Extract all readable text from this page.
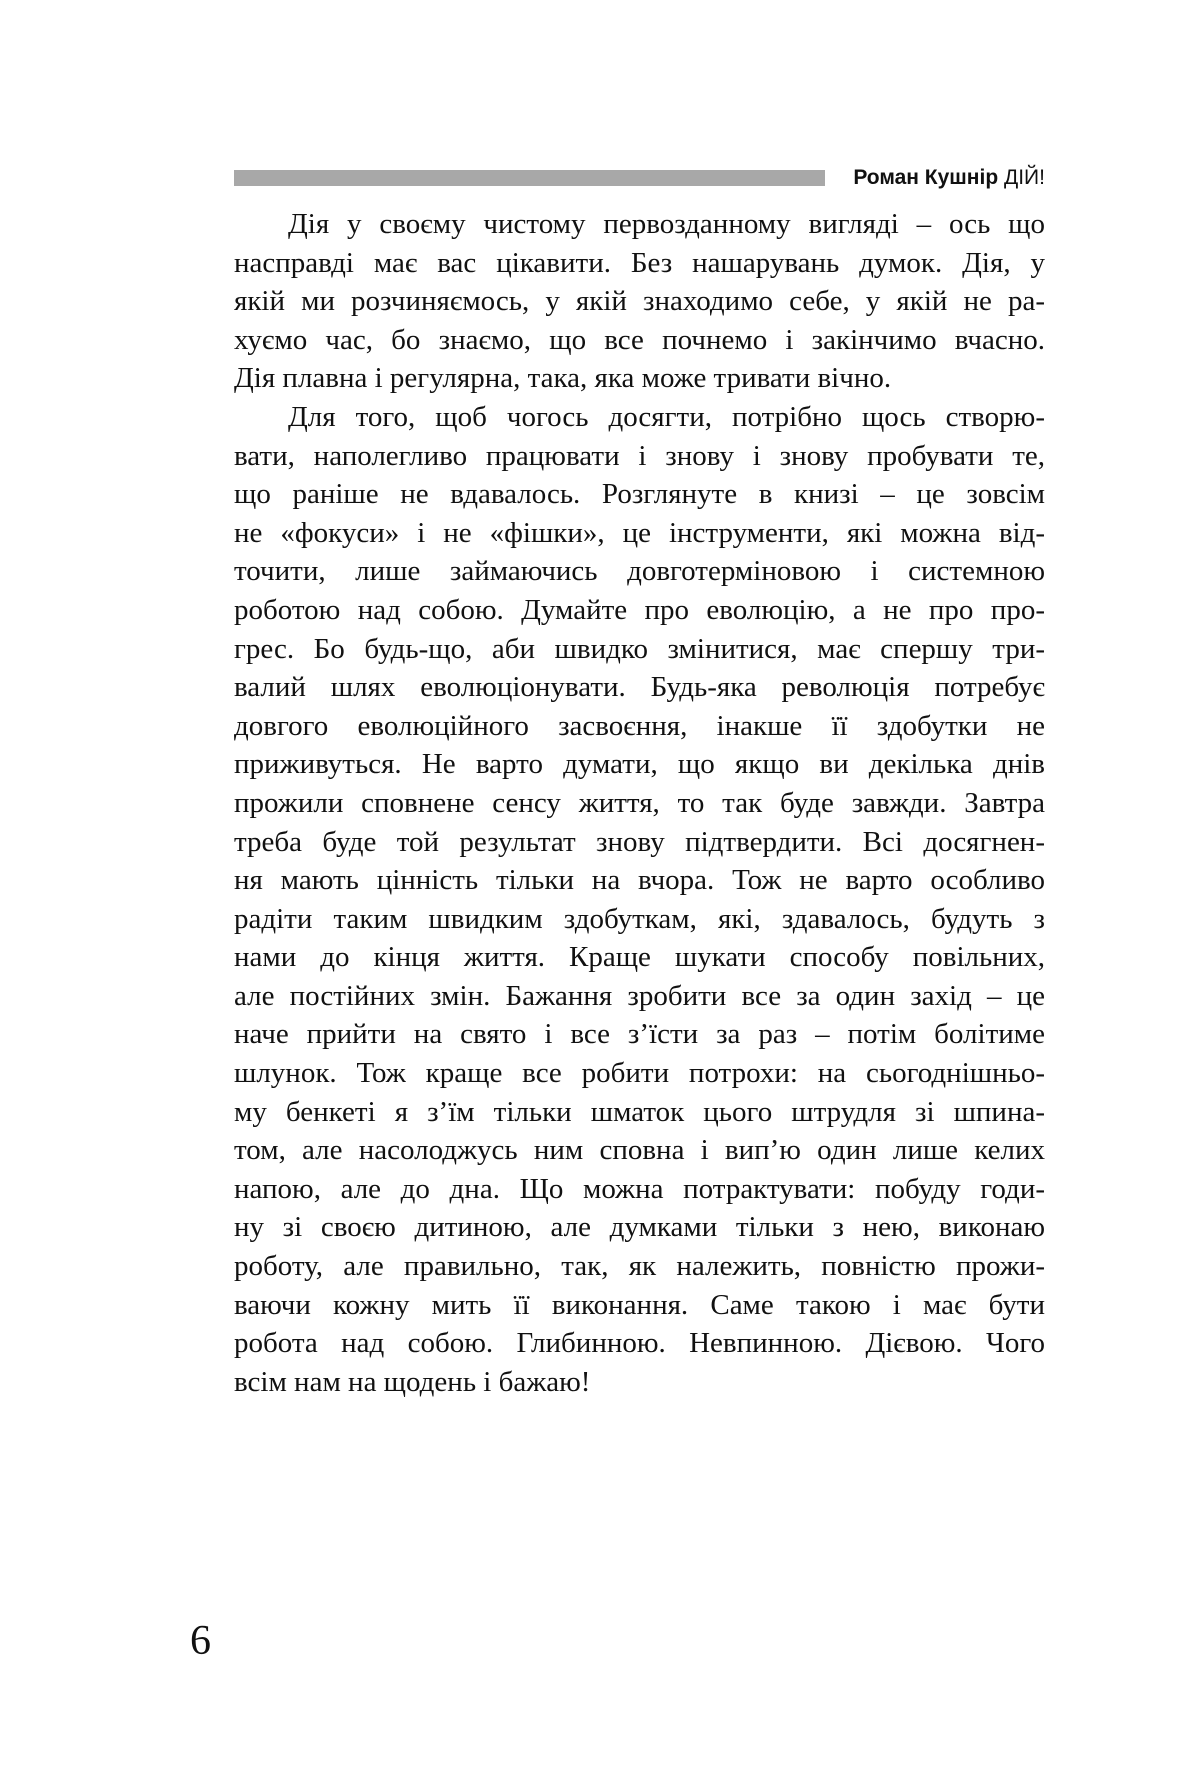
Роман Кушнір ДІЙ!
Дія у своєму чистому первозданному вигляді – ось що
насправді має вас цікавити. Без нашарувань думок. Дія, у
якій ми розчиняємось, у якій знаходимо себе, у якій не ра-
хуємо час, бо знаємо, що все почнемо і закінчимо вчасно.
Дія плавна і регулярна, така, яка може тривати вічно.
Для того, щоб чогось досягти, потрібно щось створю-
вати, наполегливо працювати і знову і знову пробувати те,
що раніше не вдавалось. Розглянуте в книзі – це зовсім
не «фокуси» і не «фішки», це інструменти, які можна від-
точити, лише займаючись довготерміновою і системною
роботою над собою. Думайте про еволюцію, а не про про-
грес. Бо будь-що, аби швидко змінитися, має спершу три-
валий шлях еволюціонувати. Будь-яка революція потребує
довгого еволюційного засвоєння, інакше її здобутки не
приживуться. Не варто думати, що якщо ви декілька днів
прожили сповнене сенсу життя, то так буде завжди. Завтра
треба буде той результат знову підтвердити. Всі досягнен-
ня мають цінність тільки на вчора. Тож не варто особливо
радіти таким швидким здобуткам, які, здавалось, будуть з
нами до кінця життя. Краще шукати способу повільних,
але постійних змін. Бажання зробити все за один захід – це
наче прийти на свято і все з’їсти за раз – потім болітиме
шлунок. Тож краще все робити потрохи: на сьогоднішньо-
му бенкеті я з’їм тільки шматок цього штрудля зі шпина-
том, але насолоджусь ним сповна і вип’ю один лише келих
напою, але до дна. Що можна потрактувати: побуду годи-
ну зі своєю дитиною, але думками тільки з нею, виконаю
роботу, але правильно, так, як належить, повністю прожи-
ваючи кожну мить її виконання. Саме такою і має бути
робота над собою. Глибинною. Невпинною. Дієвою. Чого
всім нам на щодень і бажаю!
6
